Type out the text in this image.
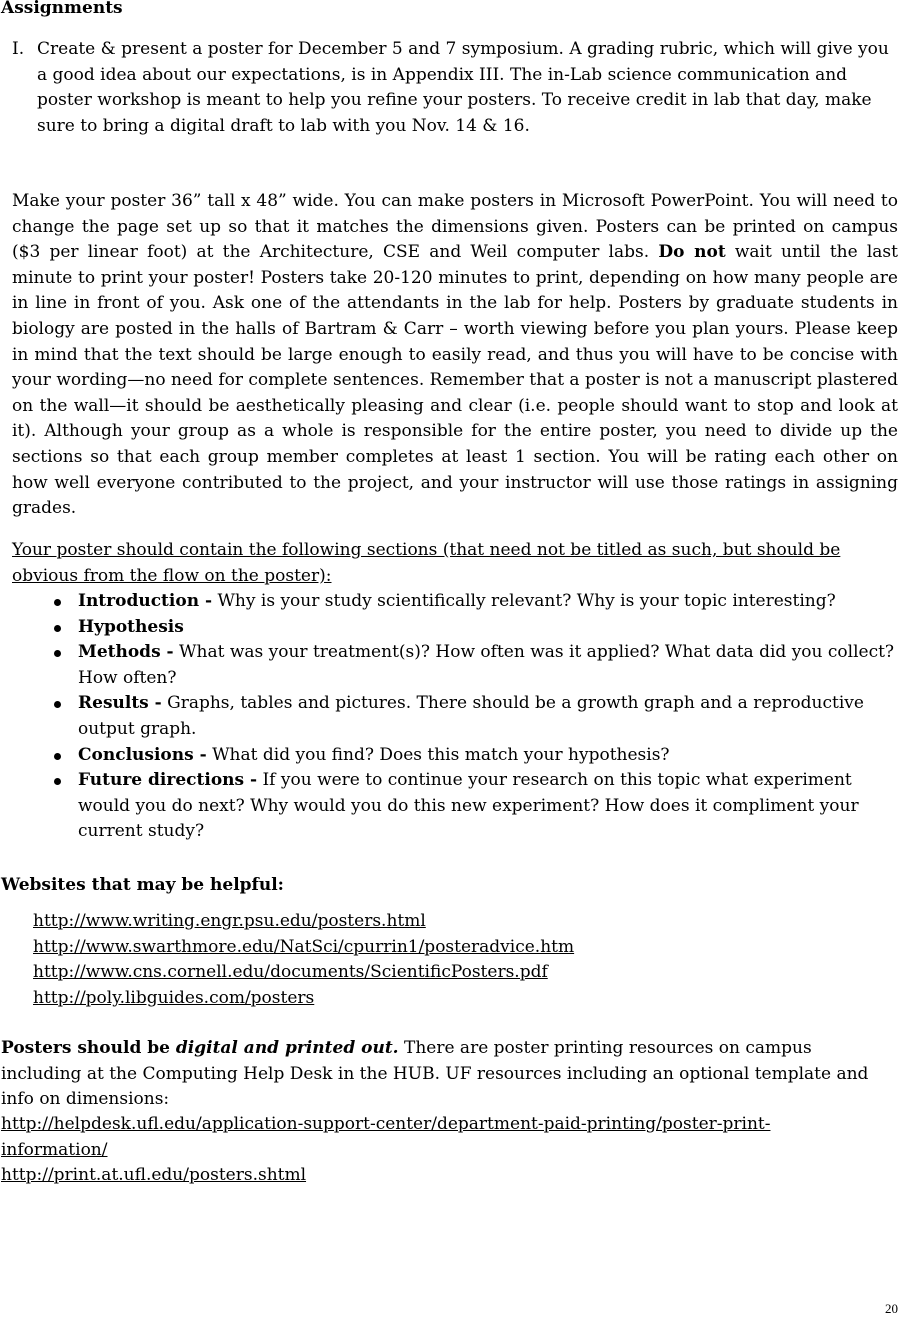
Assignments
I. Create & present a poster for December 5 and 7 symposium. A grading rubric, which will give you a good idea about our expectations, is in Appendix III. The in-Lab science communication and poster workshop is meant to help you refine your posters. To receive credit in lab that day, make sure to bring a digital draft to lab with you Nov. 14 & 16.
Make your poster 36” tall x 48” wide. You can make posters in Microsoft PowerPoint. You will need to change the page set up so that it matches the dimensions given. Posters can be printed on campus ($3 per linear foot) at the Architecture, CSE and Weil computer labs. Do not wait until the last minute to print your poster! Posters take 20-120 minutes to print, depending on how many people are in line in front of you. Ask one of the attendants in the lab for help. Posters by graduate students in biology are posted in the halls of Bartram & Carr – worth viewing before you plan yours. Please keep in mind that the text should be large enough to easily read, and thus you will have to be concise with your wording—no need for complete sentences. Remember that a poster is not a manuscript plastered on the wall—it should be aesthetically pleasing and clear (i.e. people should want to stop and look at it). Although your group as a whole is responsible for the entire poster, you need to divide up the sections so that each group member completes at least 1 section. You will be rating each other on how well everyone contributed to the project, and your instructor will use those ratings in assigning grades.
Your poster should contain the following sections (that need not be titled as such, but should be obvious from the flow on the poster):
Introduction - Why is your study scientifically relevant? Why is your topic interesting?
Hypothesis
Methods - What was your treatment(s)? How often was it applied? What data did you collect? How often?
Results - Graphs, tables and pictures. There should be a growth graph and a reproductive output graph.
Conclusions - What did you find? Does this match your hypothesis?
Future directions - If you were to continue your research on this topic what experiment would you do next? Why would you do this new experiment? How does it compliment your current study?
Websites that may be helpful:
http://www.writing.engr.psu.edu/posters.html
http://www.swarthmore.edu/NatSci/cpurrin1/posteradvice.htm
http://www.cns.cornell.edu/documents/ScientificPosters.pdf
http://poly.libguides.com/posters
Posters should be digital and printed out. There are poster printing resources on campus including at the Computing Help Desk in the HUB. UF resources including an optional template and info on dimensions:
http://helpdesk.ufl.edu/application-support-center/department-paid-printing/poster-print-information/
http://print.at.ufl.edu/posters.shtml
20
